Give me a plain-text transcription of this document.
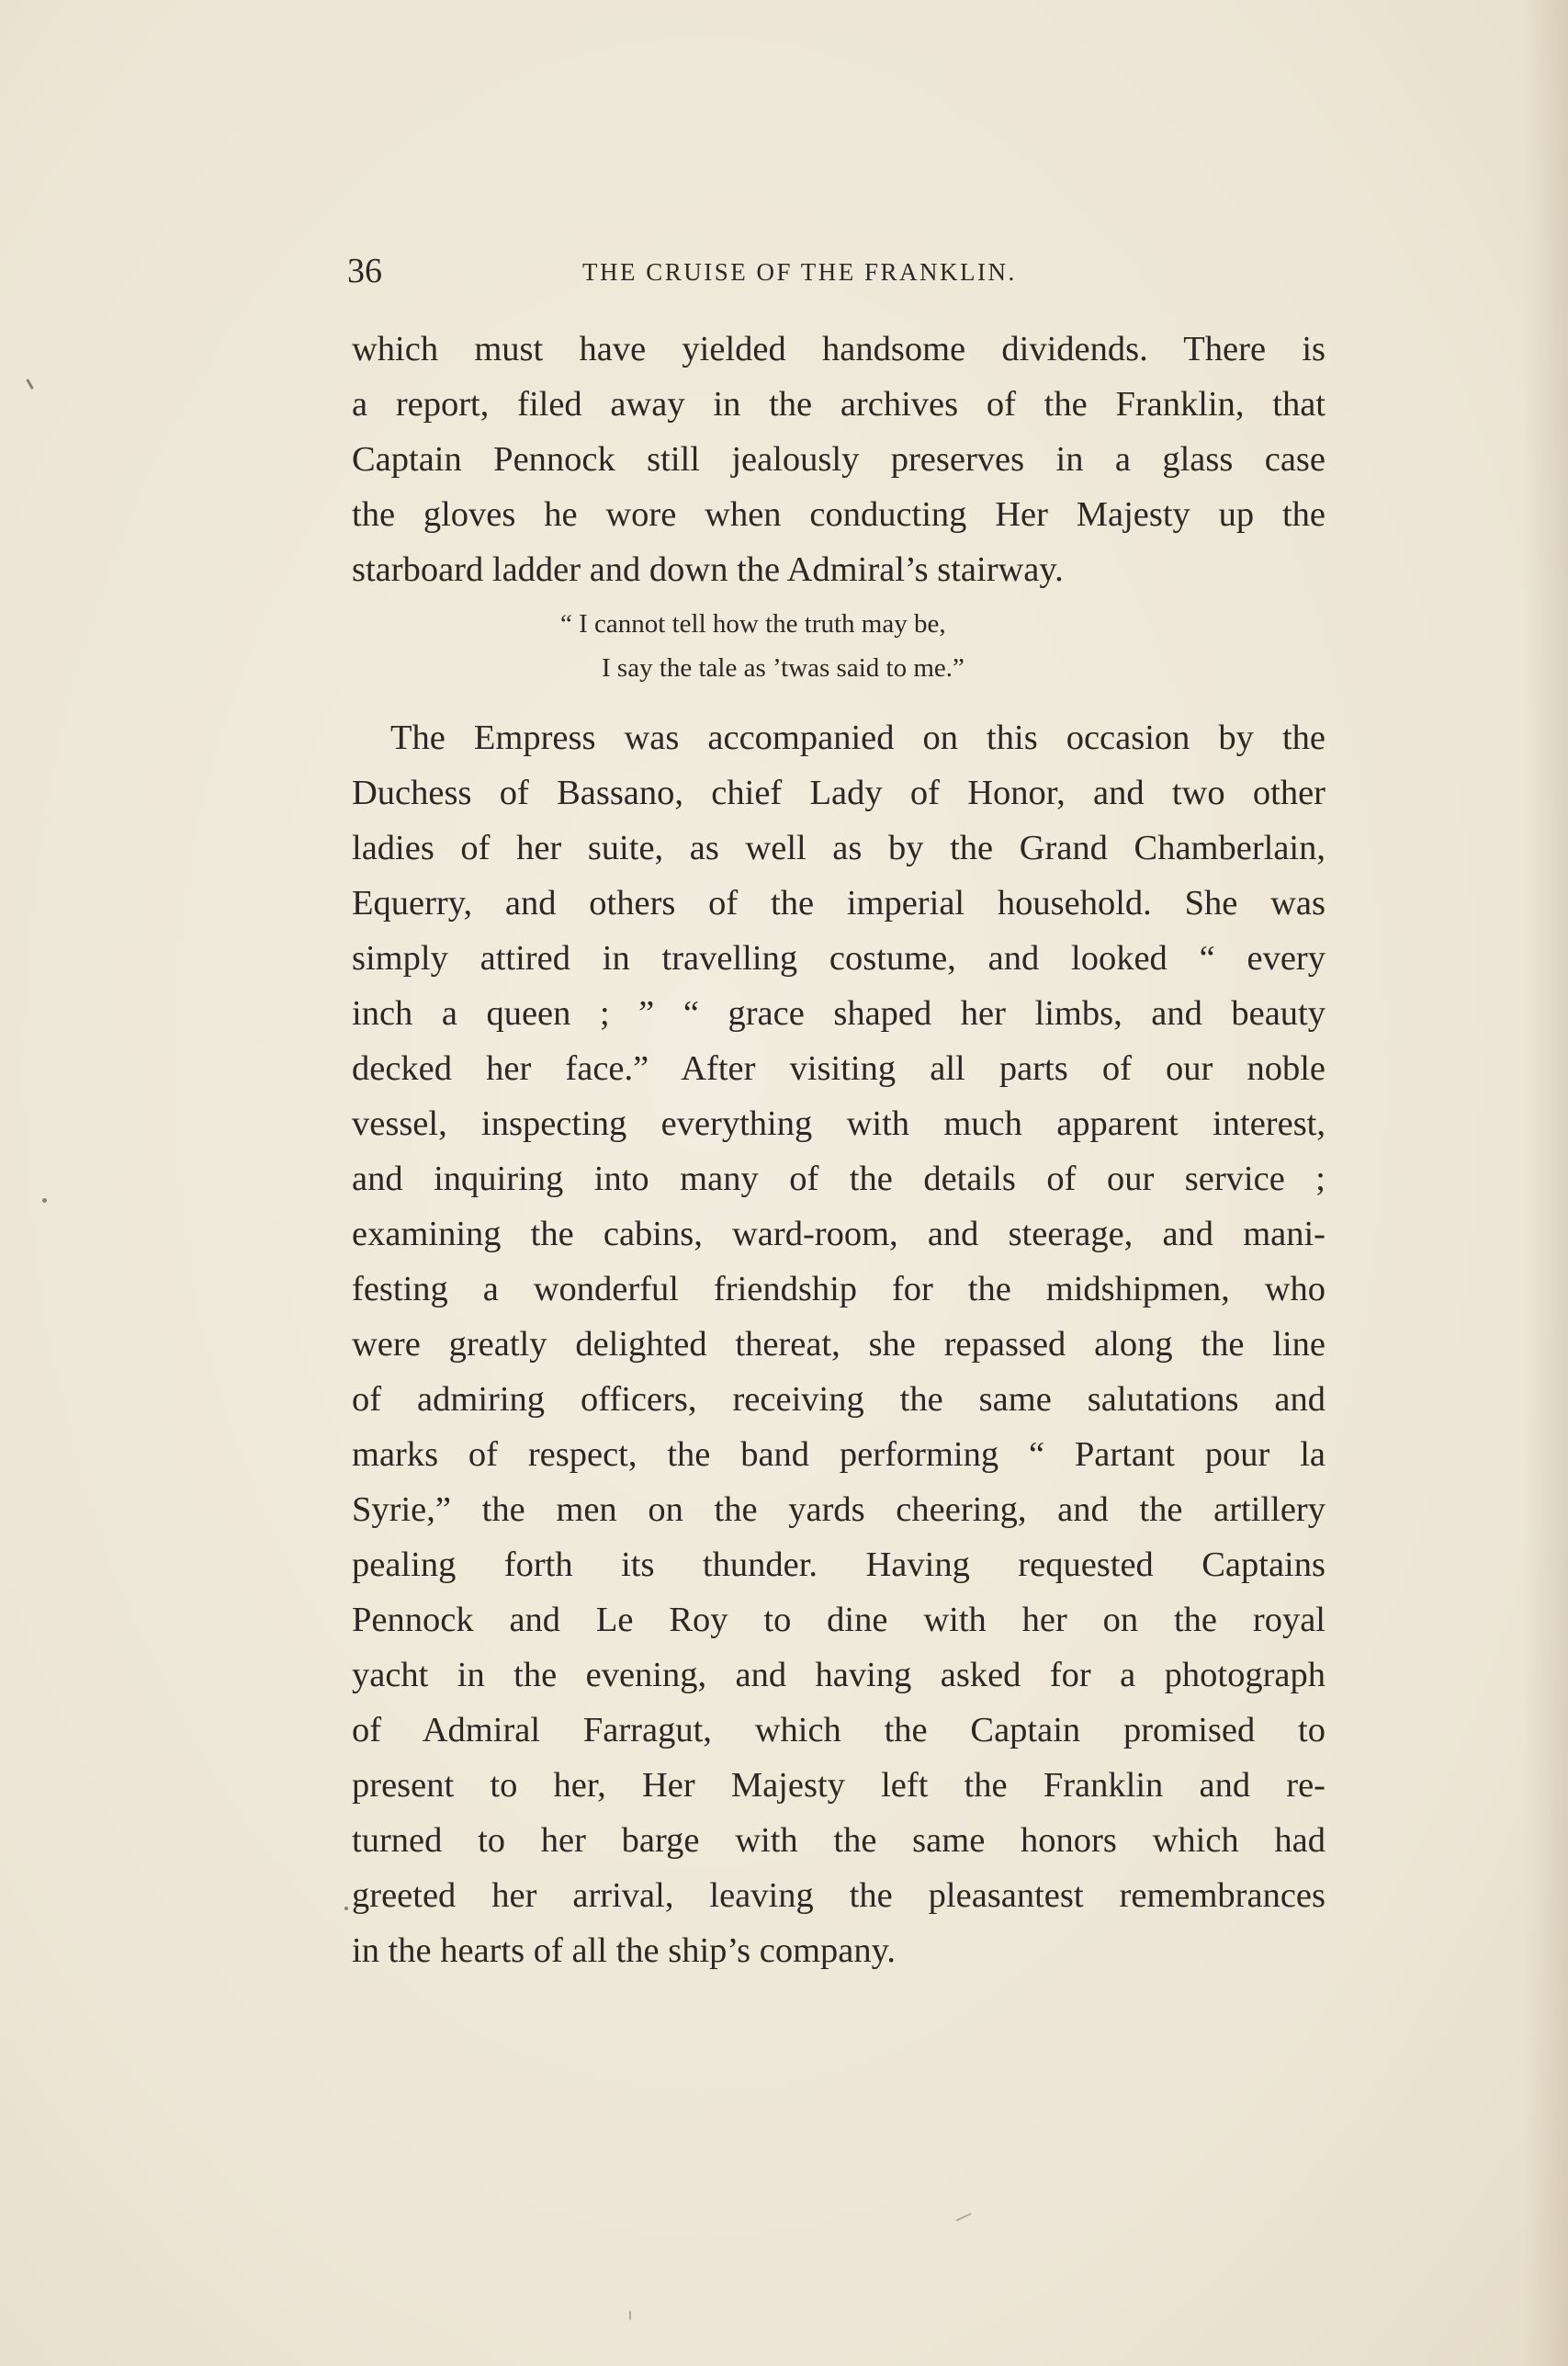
36	THE CRUISE OF THE FRANKLIN.
which must have yielded handsome dividends. There is
a report, filed away in the archives of the Franklin, that
Captain Pennock still jealously preserves in a glass case
the gloves he wore when conducting Her Majesty up the
starboard ladder and down the Admiral’s stairway.
“ I cannot tell how the truth may be,
I say the tale as ’twas said to me.”
The Empress was accompanied on this occasion by the
Duchess of Bassano, chief Lady of Honor, and two other
ladies of her suite, as well as by the Grand Chamberlain,
Equerry, and others of the imperial household. She was
simply attired in travelling costume, and looked “ every
inch a queen ; ” “ grace shaped her limbs, and beauty
decked her face.” After visiting all parts of our noble
vessel, inspecting everything with much apparent interest,
and inquiring into many of the details of our service ;
examining the cabins, ward-room, and steerage, and mani-
festing a wonderful friendship for the midshipmen, who
were greatly delighted thereat, she repassed along the line
of admiring officers, receiving the same salutations and
marks of respect, the band performing “ Partant pour la
Syrie,” the men on the yards cheering, and the artillery
pealing forth its thunder. Having requested Captains
Pennock and Le Roy to dine with her on the royal
yacht in the evening, and having asked for a photograph
of Admiral Farragut, which the Captain promised to
present to her, Her Majesty left the Franklin and re-
turned to her barge with the same honors which had
greeted her arrival, leaving the pleasantest remembrances
in the hearts of all the ship’s company.
